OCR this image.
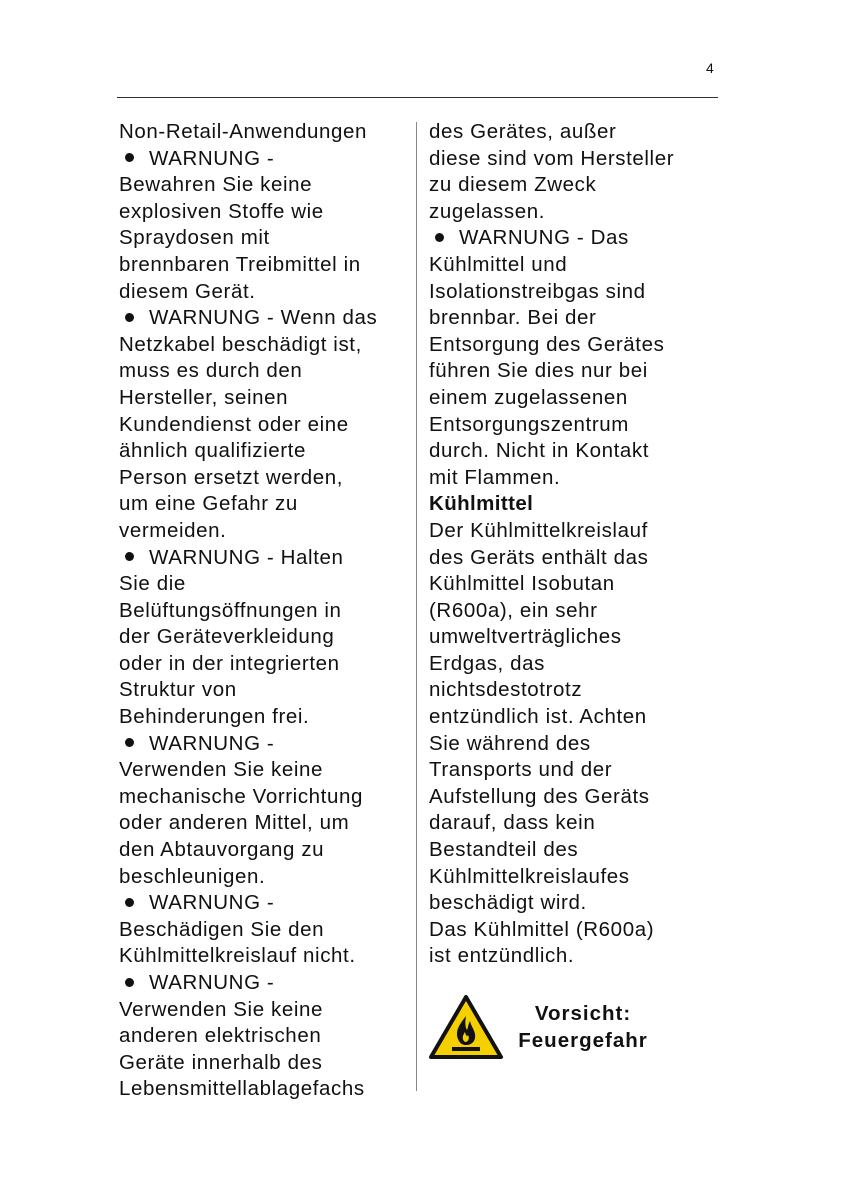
4
Non-Retail-Anwendungen
WARNUNG -
Bewahren Sie keine
explosiven Stoffe wie
Spraydosen mit
brennbaren Treibmittel in
diesem Gerät.
WARNUNG - Wenn das
Netzkabel beschädigt ist,
muss es durch den
Hersteller, seinen
Kundendienst oder eine
ähnlich qualifizierte
Person ersetzt werden,
um eine Gefahr zu
vermeiden.
WARNUNG - Halten
Sie die
Belüftungsöffnungen in
der Geräteverkleidung
oder in der integrierten
Struktur von
Behinderungen frei.
WARNUNG -
Verwenden Sie keine
mechanische Vorrichtung
oder anderen Mittel, um
den Abtauvorgang zu
beschleunigen.
WARNUNG -
Beschädigen Sie den
Kühlmittelkreislauf nicht.
WARNUNG -
Verwenden Sie keine
anderen elektrischen
Geräte innerhalb des
Lebensmittellablagefachs
des Gerätes, außer
diese sind vom Hersteller
zu diesem Zweck
zugelassen.
WARNUNG - Das
Kühlmittel und
Isolationstreibgas sind
brennbar. Bei der
Entsorgung des Gerätes
führen Sie dies nur bei
einem zugelassenen
Entsorgungszentrum
durch. Nicht in Kontakt
mit Flammen.
Kühlmittel
Der Kühlmittelkreislauf
des Geräts enthält das
Kühlmittel Isobutan
(R600a), ein sehr
umweltverträgliches
Erdgas, das
nichtsdestotrotz
entzündlich ist. Achten
Sie während des
Transports und der
Aufstellung des Geräts
darauf, dass kein
Bestandteil des
Kühlmittelkreislaufes
beschädigt wird.
Das Kühlmittel (R600a)
ist entzündlich.
Vorsicht:
Feuergefahr
